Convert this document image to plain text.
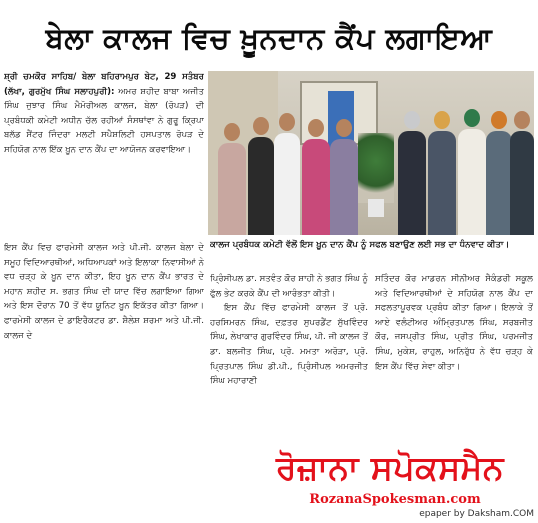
ਬੇਲਾ ਕਾਲਜ ਵਿਚ ਖ਼ੂਨਦਾਨ ਕੈਂਪ ਲਗਾਇਆ
ਸ਼੍ਰੀ ਚਮਕੌਰ ਸਾਹਿਬ/ ਬੇਲਾ ਬਹਿਰਾਮਪੁਰ ਬੇਟ, 29 ਸਤੰਬਰ (ਲੱਖਾ, ਗੁਰਮੁੱਖ ਸਿੰਘ ਸਲਾਹਪੁਰੀ): ਅਮਰ ਸ਼ਹੀਦ ਬਾਬਾ ਅਜੀਤ ਸਿੰਘ ਜੁਝਾਰ ਸਿੰਘ ਮੈਮੋਰੀਅਲ ਕਾਲਜ, ਬੇਲਾ (ਰੋਪੜ) ਦੀ ਪ੍ਰਬੰਧਕੀ ਕਮੇਟੀ ਅਧੀਨ ਚੱਲ ਰਹੀਆਂ ਸੰਸਥਾਂਵਾ ਨੇ ਗੁਰੂ ਕ੍ਰਿਪਾ ਬਲੱਡ ਸੈਂਟਰ ਜਿੰਦਰਾ ਮਲਟੀ ਸਪੈਸ਼ਲਿਟੀ ਹਸਪਤਾਲ ਰੋਪੜ ਦੇ ਸਹਿਯੋਗ ਨਾਲ ਇੱਕ ਖ਼ੂਨ ਦਾਨ ਕੈਂਪ ਦਾ ਆਯੋਜਨ ਕਰਵਾਇਆ।
ਕਾਲਜ ਪ੍ਰਬੰਧਕ ਕਮੇਟੀ ਵੱਲੋਂ ਇਸ ਖ਼ੂਨ ਦਾਨ ਕੈਂਪ ਨੂੰ ਸਫਲ ਬਣਾਉਣ ਲਈ ਸਭ ਦਾ ਧੰਨਵਾਦ ਕੀਤਾ।

ਇਸ ਕੈਂਪ ਵਿਚ ਫਾਰਮੇਸੀ ਕਾਲਜ ਅਤੇ ਪੀ.ਜੀ. ਕਾਲਜ ਬੇਲਾ ਦੇ ਸਮੂਹ ਵਿਦਿਆਰਥੀਆਂ, ਅਧਿਆਪਕਾਂ ਅਤੇ ਇਲਾਕਾ ਨਿਵਾਸੀਆਂ ਨੇ ਵਧ ਚੜ੍ਹ ਕੇ ਖ਼ੂਨ ਦਾਨ ਕੀਤਾ, ਇਹ ਖ਼ੂਨ ਦਾਨ ਕੈਂਪ ਭਾਰਤ ਦੇ ਮਹਾਨ ਸ਼ਹੀਦ ਸ. ਭਗਤ ਸਿੰਘ ਦੀ ਯਾਦ ਵਿੱਚ ਲਗਾਇਆ ਗਿਆ ਅਤੇ ਇਸ ਦੌਰਾਨ 70 ਤੋਂ ਵੱਧ ਯੂਨਿਟ ਖ਼ੂਨ ਇਕੱਤਰ ਕੀਤਾ ਗਿਆ। ਫਾਰਮੇਸੀ ਕਾਲਜ ਦੇ ਡਾਇਰੈਕਟਰ ਡਾ. ਸ਼ੈਲੇਸ਼ ਸ਼ਰਮਾ ਅਤੇ ਪੀ.ਜੀ. ਕਾਲਜ ਦੇ

ਪ੍ਰਿੰਸੀਪਲ ਡਾ. ਸਤਵੰਤ ਕੌਰ ਸ਼ਾਹੀ ਨੇ ਭਗਤ ਸਿੰਘ ਨੂੰ ਫੁੱਲ ਭੇਟ ਕਰਕੇ ਕੈਂਪ ਦੀ ਆਰੰਭਤਾ ਕੀਤੀ।

ਇਸ ਕੈਂਪ ਵਿੱਚ ਫਾਰਮੇਸੀ ਕਾਲਜ ਤੋਂ ਪ੍ਰੋ. ਹਰਸਿਮਰਨ ਸਿੰਘ, ਦਫ਼ਤਰ ਸੁਪਰਡੈਂਟ ਸੁੱਖਵਿੰਦਰ ਸਿੰਘ, ਲੇਖਾਕਾਰ ਗੁਰਵਿੰਦਰ ਸਿੰਘ, ਪੀ. ਜੀ ਕਾਲਜ ਤੋਂ ਡਾ. ਬਲਜੀਤ ਸਿੰਘ, ਪ੍ਰੋ. ਮਮਤਾ ਅਰੋੜਾ, ਪ੍ਰੋ. ਪ੍ਰਿਤਪਾਲ ਸਿੰਘ ਡੀ.ਪੀ., ਪ੍ਰਿੰਸੀਪਲ ਅਮਰਜੀਤ ਸਿੰਘ ਮਹਾਰਾਣੀ

ਸਤਿੰਦਰ ਕੌਰ ਮਾਡਰਨ ਸੀਨੀਅਰ ਸੈਕੰਡਰੀ ਸਕੂਲ ਅਤੇ ਵਿਦਿਆਰਥੀਆਂ ਦੇ ਸਹਿਯੋਗ ਨਾਲ ਕੈਂਪ ਦਾ ਸਫਲਤਾਪੂਰਵਕ ਪ੍ਰਬੰਧ ਕੀਤਾ ਗਿਆ। ਇਲਾਕੇ ਤੋਂ ਆਏ ਵਲੰਟੀਅਰ ਅੰਮ੍ਰਿਤਪਾਲ ਸਿੰਘ, ਸਰਬਜੀਤ ਕੌਰ, ਜਸਪ੍ਰੀਤ ਸਿੰਘ, ਪ੍ਰੀਤ ਸਿੰਘ, ਪਰਮਜੀਤ ਸਿੰਘ, ਮੁਕੇਸ਼, ਰਾਹੁਲ, ਅਨਿਰੁੱਧ ਨੇ ਵੱਧ ਚੜ੍ਹ ਕੇ ਇਸ ਕੈਂਪ ਵਿੱਚ ਸੇਵਾ ਕੀਤਾ।

ਰੋਜ਼ਾਨਾ ਸਪੋਕਸਮੈਨ
RozanaSpokesman.com
epaper by Daksham.COM
